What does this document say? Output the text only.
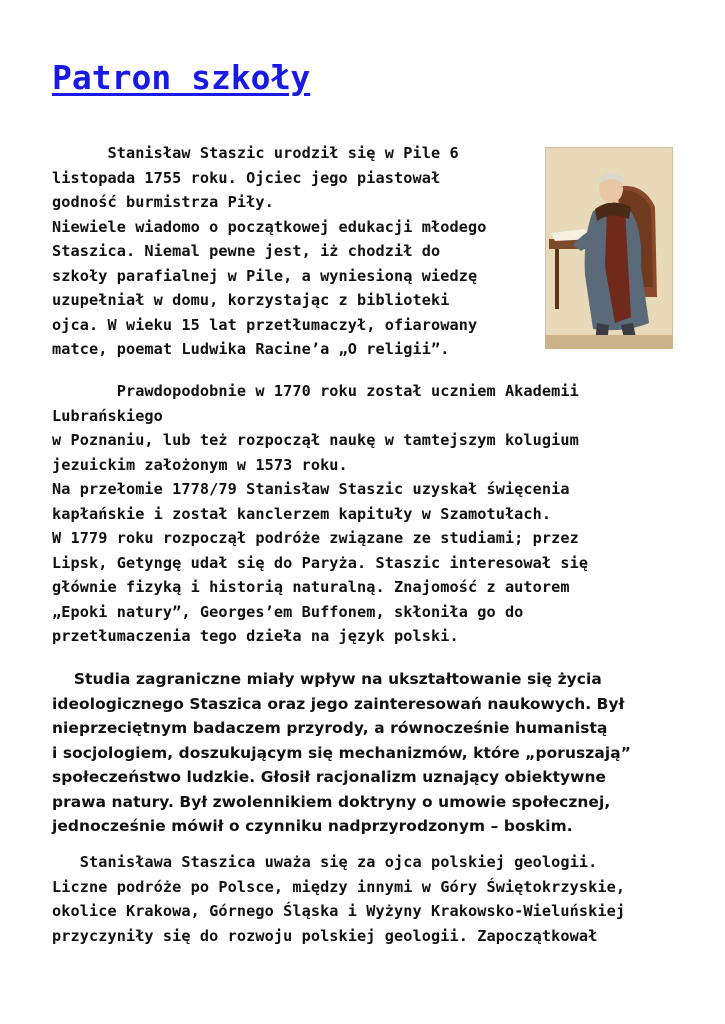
Patron szkoły
Stanisław Staszic urodził się w Pile 6
listopada 1755 roku. Ojciec jego piastował
godność burmistrza Piły.
Niewiele wiadomo o początkowej edukacji młodego
Staszica. Niemal pewne jest, iż chodził do
szkoły parafialnej w Pile, a wyniesioną wiedzę
uzupełniał w domu, korzystając z biblioteki
ojca. W wieku 15 lat przetłumaczył, ofiarowany
matce, poemat Ludwika Racine’a „O religii”.
Prawdopodobnie w 1770 roku został uczniem Akademii
Lubrańskiego
w Poznaniu, lub też rozpoczął naukę w tamtejszym kolugium
jezuickim założonym w 1573 roku.
Na przełomie 1778/79 Stanisław Staszic uzyskał święcenia
kapłańskie i został kanclerzem kapituły w Szamotułach.
W 1779 roku rozpoczął podróże związane ze studiami; przez
Lipsk, Getyngę udał się do Paryża. Staszic interesował się
głównie fizyką i historią naturalną. Znajomość z autorem
„Epoki natury”, Georges’em Buffonem, skłoniła go do
przetłumaczenia tego dzieła na język polski.
Studia zagraniczne miały wpływ na ukształtowanie się życia
ideologicznego Staszica oraz jego zainteresowań naukowych. Był
nieprzeciętnym badaczem przyrody, a równocześnie humanistą
i socjologiem, doszukującym się mechanizmów, które „poruszają”
społeczeństwo ludzkie. Głosił racjonalizm uznający obiektywne
prawa natury. Był zwolennikiem doktryny o umowie społecznej,
jednocześnie mówił o czynniku nadprzyrodzonym – boskim.
Stanisława Staszica uważa się za ojca polskiej geologii.
Liczne podróże po Polsce, między innymi w Góry Świętokrzyskie,
okolice Krakowa, Górnego Śląska i Wyżyny Krakowsko-Wieluńskiej
przyczyniły się do rozwoju polskiej geologii. Zapoczątkował
